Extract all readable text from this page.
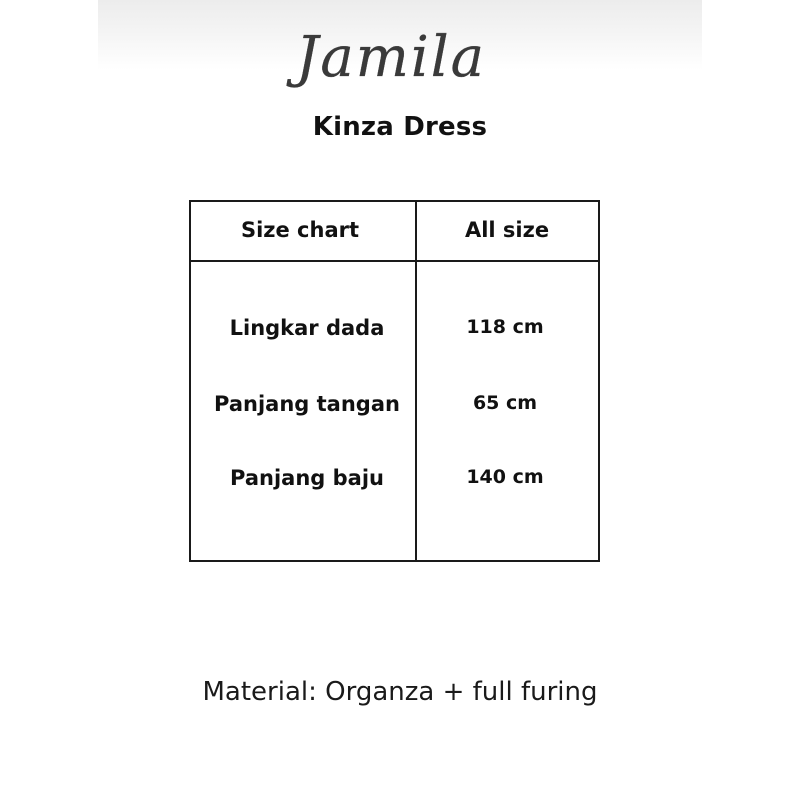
Jamila
Kinza Dress
Size chart	All size
Lingkar dada	118 cm
Panjang tangan	65 cm
Panjang baju	140 cm
Material: Organza + full furing
